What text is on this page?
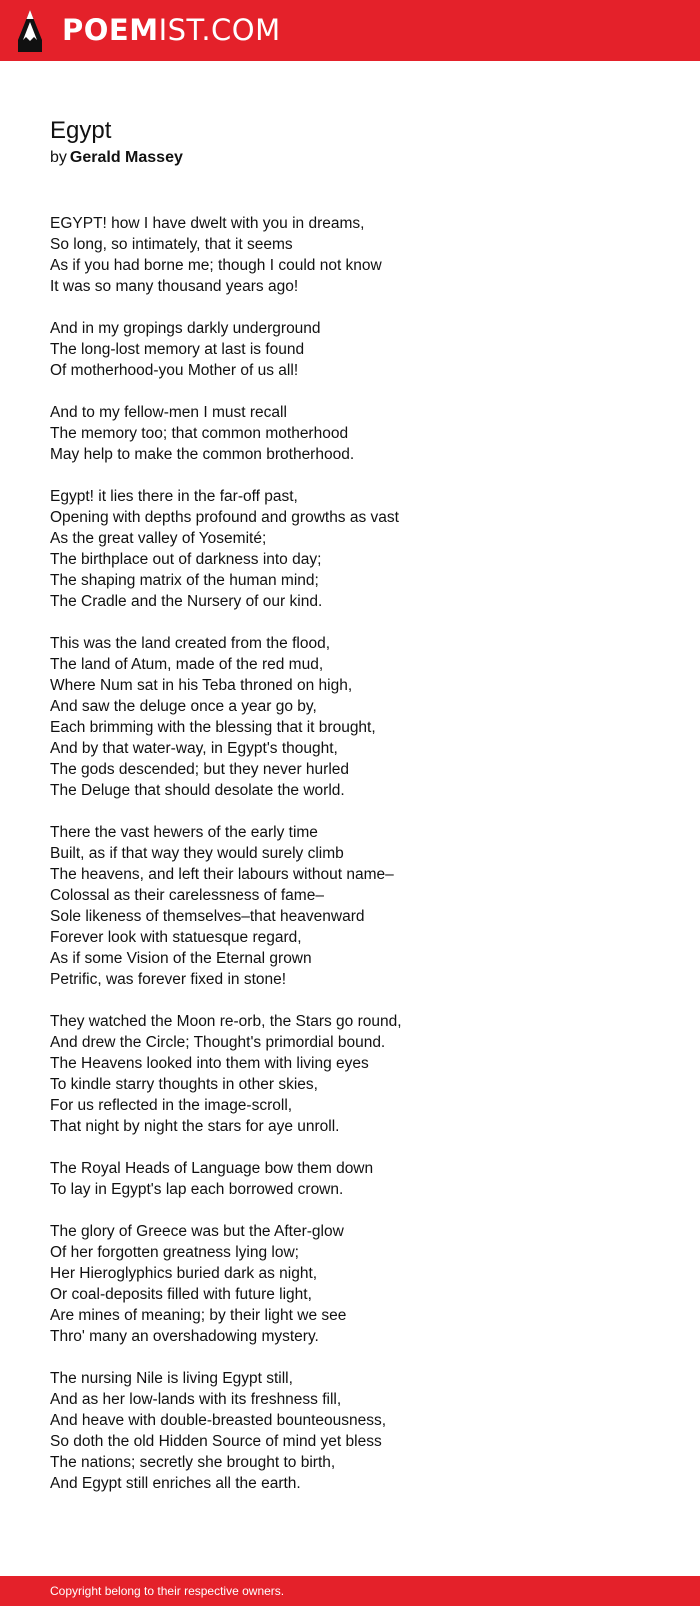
POEMIST.COM
Egypt

by Gerald Massey

EGYPT! how I have dwelt with you in dreams,
So long, so intimately, that it seems
As if you had borne me; though I could not know
It was so many thousand years ago!
And in my gropings darkly underground
The long-lost memory at last is found
Of motherhood-you Mother of us all!
And to my fellow-men I must recall
The memory too; that common motherhood
May help to make the common brotherhood.
Egypt! it lies there in the far-off past,
Opening with depths profound and growths as vast
As the great valley of Yosemité;
The birthplace out of darkness into day;
The shaping matrix of the human mind;
The Cradle and the Nursery of our kind.
This was the land created from the flood,
The land of Atum, made of the red mud,
Where Num sat in his Teba throned on high,
And saw the deluge once a year go by,
Each brimming with the blessing that it brought,
And by that water-way, in Egypt's thought,
The gods descended; but they never hurled
The Deluge that should desolate the world.
There the vast hewers of the early time
Built, as if that way they would surely climb
The heavens, and left their labours without name–
Colossal as their carelessness of fame–
Sole likeness of themselves–that heavenward
Forever look with statuesque regard,
As if some Vision of the Eternal grown
Petrific, was forever fixed in stone!
They watched the Moon re-orb, the Stars go round,
And drew the Circle; Thought's primordial bound.
The Heavens looked into them with living eyes
To kindle starry thoughts in other skies,
For us reflected in the image-scroll,
That night by night the stars for aye unroll.
The Royal Heads of Language bow them down
To lay in Egypt's lap each borrowed crown.
The glory of Greece was but the After-glow
Of her forgotten greatness lying low;
Her Hieroglyphics buried dark as night,
Or coal-deposits filled with future light,
Are mines of meaning; by their light we see
Thro' many an overshadowing mystery.
The nursing Nile is living Egypt still,
And as her low-lands with its freshness fill,
And heave with double-breasted bounteousness,
So doth the old Hidden Source of mind yet bless
The nations; secretly she brought to birth,
And Egypt still enriches all the earth.
Copyright belong to their respective owners.
